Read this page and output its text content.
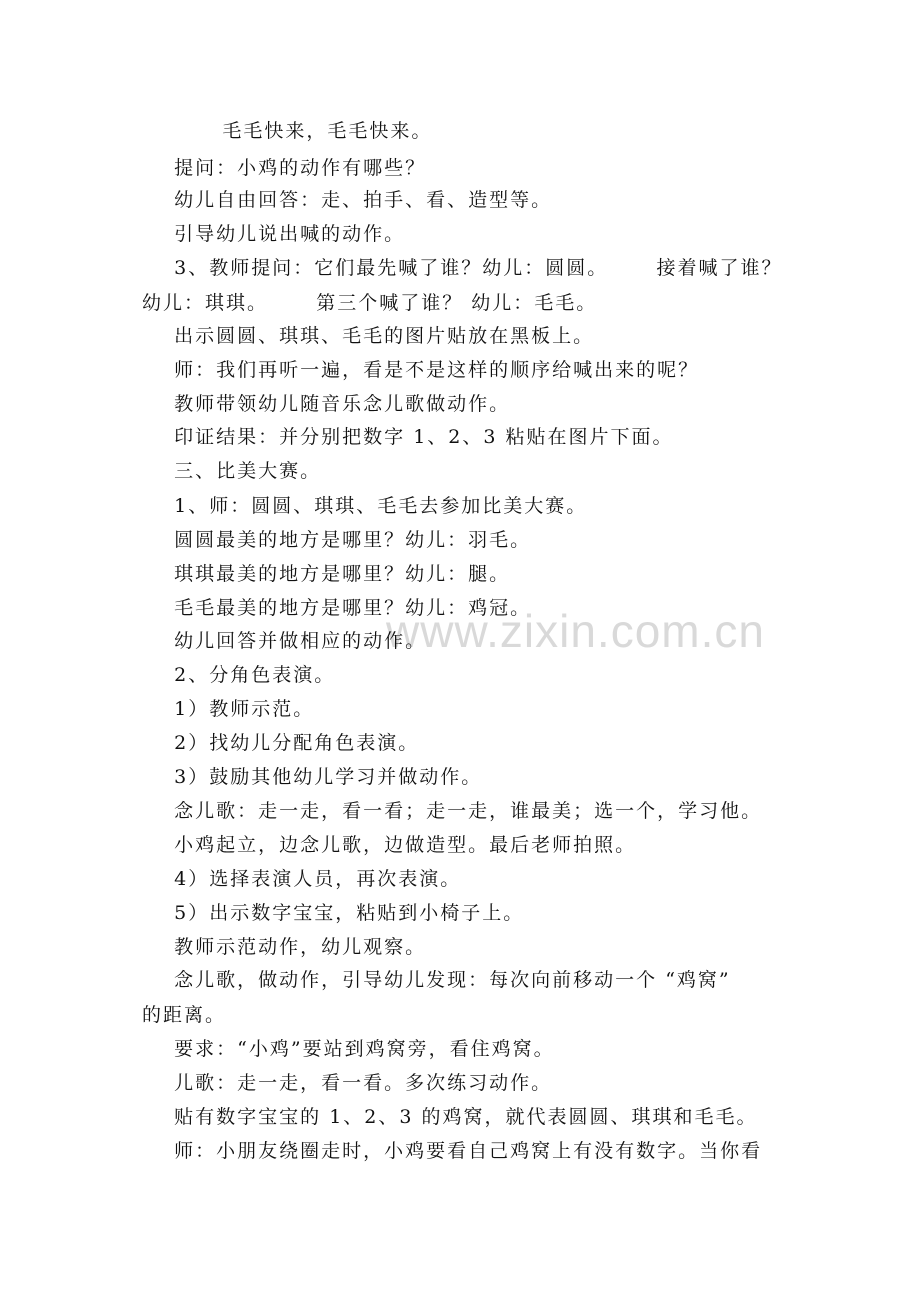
www.zixin.com.cn
毛毛快来，毛毛快来。
提问：小鸡的动作有哪些？
幼儿自由回答：走、拍手、看、造型等。
引导幼儿说出喊的动作。
3、教师提问：它们最先喊了谁？幼儿：圆圆。      接着喊了谁？
幼儿：琪琪。      第三个喊了谁？ 幼儿：毛毛。
出示圆圆、琪琪、毛毛的图片贴放在黑板上。
师：我们再听一遍，看是不是这样的顺序给喊出来的呢？
教师带领幼儿随音乐念儿歌做动作。
印证结果：并分别把数字 1、2、3 粘贴在图片下面。
三、比美大赛。
1、师：圆圆、琪琪、毛毛去参加比美大赛。
圆圆最美的地方是哪里？幼儿：羽毛。
琪琪最美的地方是哪里？幼儿：腿。
毛毛最美的地方是哪里？幼儿：鸡冠。
幼儿回答并做相应的动作。
2、分角色表演。
1）教师示范。
2）找幼儿分配角色表演。
3）鼓励其他幼儿学习并做动作。
念儿歌：走一走，看一看；走一走，谁最美；选一个，学习他。
小鸡起立，边念儿歌，边做造型。最后老师拍照。
4）选择表演人员，再次表演。
5）出示数字宝宝，粘贴到小椅子上。
教师示范动作，幼儿观察。
念儿歌，做动作，引导幼儿发现：每次向前移动一个 “鸡窝”
的距离。
要求：“小鸡”要站到鸡窝旁，看住鸡窝。
儿歌：走一走，看一看。多次练习动作。
贴有数字宝宝的 1、2、3 的鸡窝，就代表圆圆、琪琪和毛毛。
师：小朋友绕圈走时，小鸡要看自己鸡窝上有没有数字。当你看
